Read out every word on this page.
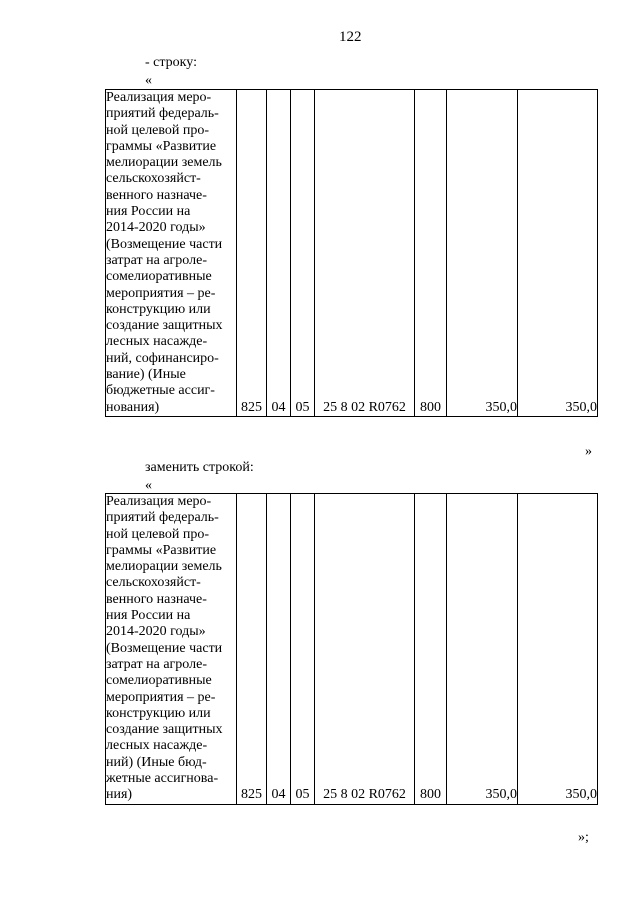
122
- строку:
«
Реализация меро-
приятий федераль-
ной целевой про-
граммы «Развитие
мелиорации земель
сельскохозяйст-
венного назначе-
ния России на
2014-2020 годы»
(Возмещение части
затрат на агроле-
сомелиоративные
мероприятия – ре-
конструкцию или
создание защитных
лесных насажде-
ний, софинансиро-
вание) (Иные
бюджетные ассиг-
нования)	825	04	05	25 8 02 R0762	800	350,0	350,0
»
заменить строкой:
«
Реализация меро-
приятий федераль-
ной целевой про-
граммы «Развитие
мелиорации земель
сельскохозяйст-
венного назначе-
ния России на
2014-2020 годы»
(Возмещение части
затрат на агроле-
сомелиоративные
мероприятия – ре-
конструкцию или
создание защитных
лесных насажде-
ний) (Иные бюд-
жетные ассигнова-
ния)	825	04	05	25 8 02 R0762	800	350,0	350,0
»;
